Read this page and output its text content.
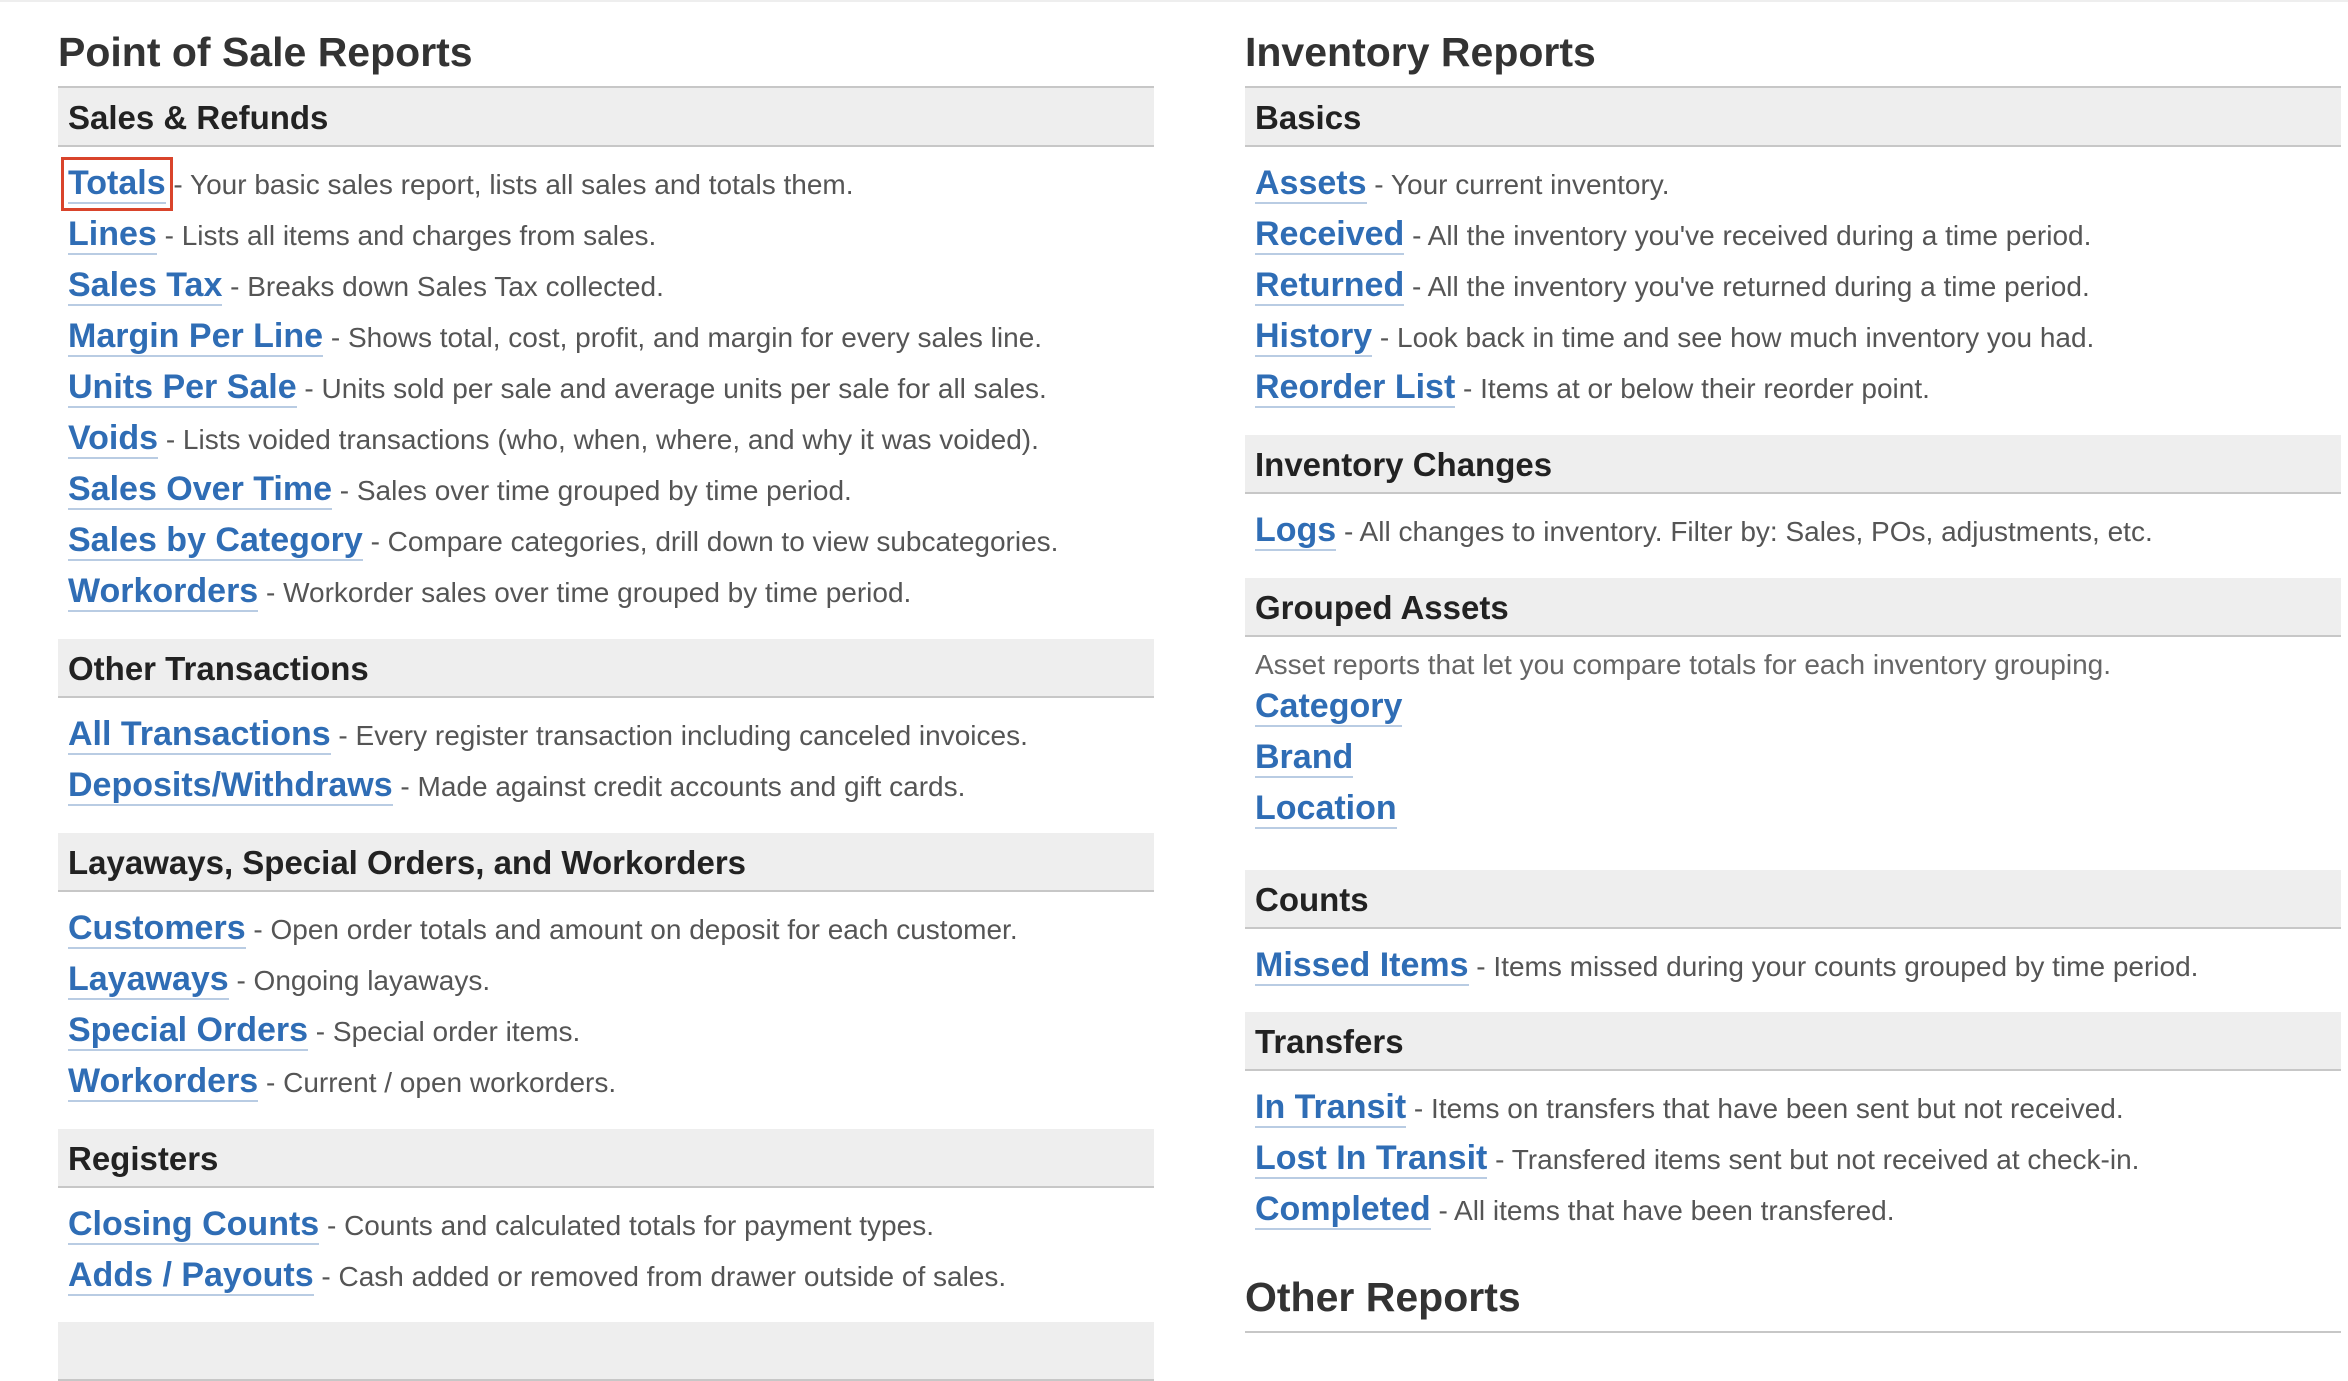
Point of Sale Reports
Sales & Refunds
Totals - Your basic sales report, lists all sales and totals them.
Lines - Lists all items and charges from sales.
Sales Tax - Breaks down Sales Tax collected.
Margin Per Line - Shows total, cost, profit, and margin for every sales line.
Units Per Sale - Units sold per sale and average units per sale for all sales.
Voids - Lists voided transactions (who, when, where, and why it was voided).
Sales Over Time - Sales over time grouped by time period.
Sales by Category - Compare categories, drill down to view subcategories.
Workorders - Workorder sales over time grouped by time period.
Other Transactions
All Transactions - Every register transaction including canceled invoices.
Deposits/Withdraws - Made against credit accounts and gift cards.
Layaways, Special Orders, and Workorders
Customers - Open order totals and amount on deposit for each customer.
Layaways - Ongoing layaways.
Special Orders - Special order items.
Workorders - Current / open workorders.
Registers
Closing Counts - Counts and calculated totals for payment types.
Adds / Payouts - Cash added or removed from drawer outside of sales.
Inventory Reports
Basics
Assets - Your current inventory.
Received - All the inventory you've received during a time period.
Returned - All the inventory you've returned during a time period.
History - Look back in time and see how much inventory you had.
Reorder List - Items at or below their reorder point.
Inventory Changes
Logs - All changes to inventory. Filter by: Sales, POs, adjustments, etc.
Grouped Assets
Asset reports that let you compare totals for each inventory grouping.
Category
Brand
Location
Counts
Missed Items - Items missed during your counts grouped by time period.
Transfers
In Transit - Items on transfers that have been sent but not received.
Lost In Transit - Transfered items sent but not received at check-in.
Completed - All items that have been transfered.
Other Reports
